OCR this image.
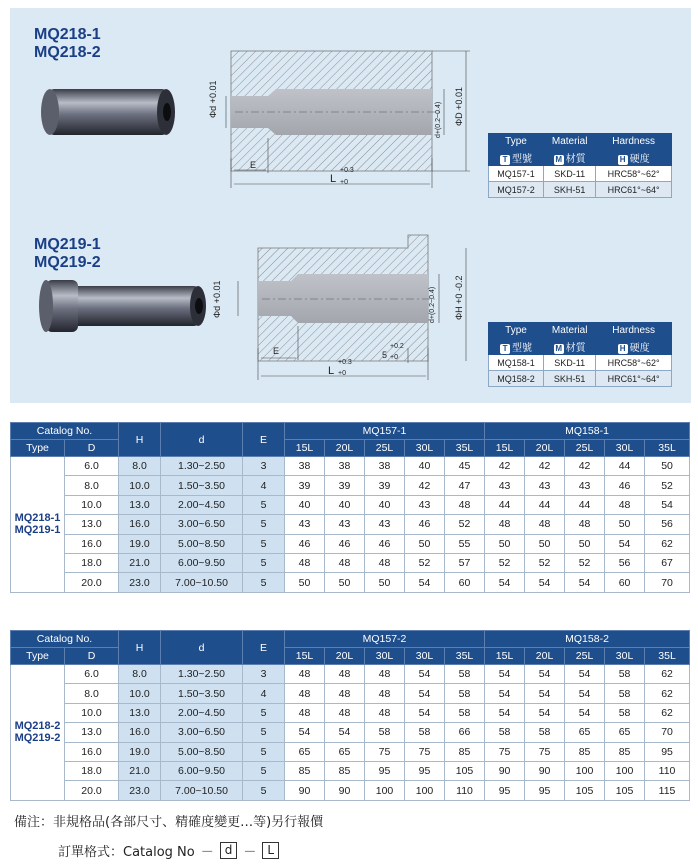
MQ218-1
MQ218-2
E
L
+0.3
+0
Φd +0.01
d+(0.2~0.4) ΦD +0.01
E
L
+0.3
+0
5
+0.2
+0
Φd +0.01	d+(0.2~0.4) ΦH +0 -0.2
Type	Material	Hardness
T 型號	M 材質	H 硬度
MQ157-1	SKD-11	HRC58°~62°
MQ157-2	SKH-51	HRC61°~64°
MQ219-1
MQ219-2
Type	Material	Hardness
T 型號	M 材質	H 硬度
MQ158-1	SKD-11	HRC58°~62°
MQ158-2	SKH-51	HRC61°~64°
Catalog No.		H	d	E	MQ157-1					MQ158-1				
Type	D				15L	20L	25L	30L	35L	15L	20L	25L	30L	35L

MQ218-1
MQ219-1	6.0	8.0	1.30~2.50	3	38	38	38	40	45	42	42	42	44	50
	8.0	10.0	1.50~3.50	4	39	39	39	42	47	43	43	43	46	52
	10.0	13.0	2.00~4.50	5	40	40	40	43	48	44	44	44	48	54
	13.0	16.0	3.00~6.50	5	43	43	43	46	52	48	48	48	50	56
	16.0	19.0	5.00~8.50	5	46	46	46	50	55	50	50	50	54	62
	18.0	21.0	6.00~9.50	5	48	48	48	52	57	52	52	52	56	67
	20.0	23.0	7.00~10.50	5	50	50	50	54	60	54	54	54	60	70
Catalog No.		H	d	E	MQ157-2					MQ158-2				
Type	D				15L	20L	30L	30L	35L	15L	20L	25L	30L	35L

MQ218-2
MQ219-2	6.0	8.0	1.30~2.50	3	48	48	48	54	58	54	54	54	58	62
	8.0	10.0	1.50~3.50	4	48	48	48	54	58	54	54	54	58	62
	10.0	13.0	2.00~4.50	5	48	48	48	54	58	54	54	54	58	62
	13.0	16.0	3.00~6.50	5	54	54	58	58	66	58	58	65	65	70
	16.0	19.0	5.00~8.50	5	65	65	75	75	85	75	75	85	85	95
	18.0	21.0	6.00~9.50	5	85	85	95	95	105	90	90	100	100	110
	20.0	23.0	7.00~10.50	5	90	90	100	100	110	95	95	105	105	115
備注：非規格品(各部尺寸、精確度變更…等)另行報價
訂單格式：Catalog No － d － L
